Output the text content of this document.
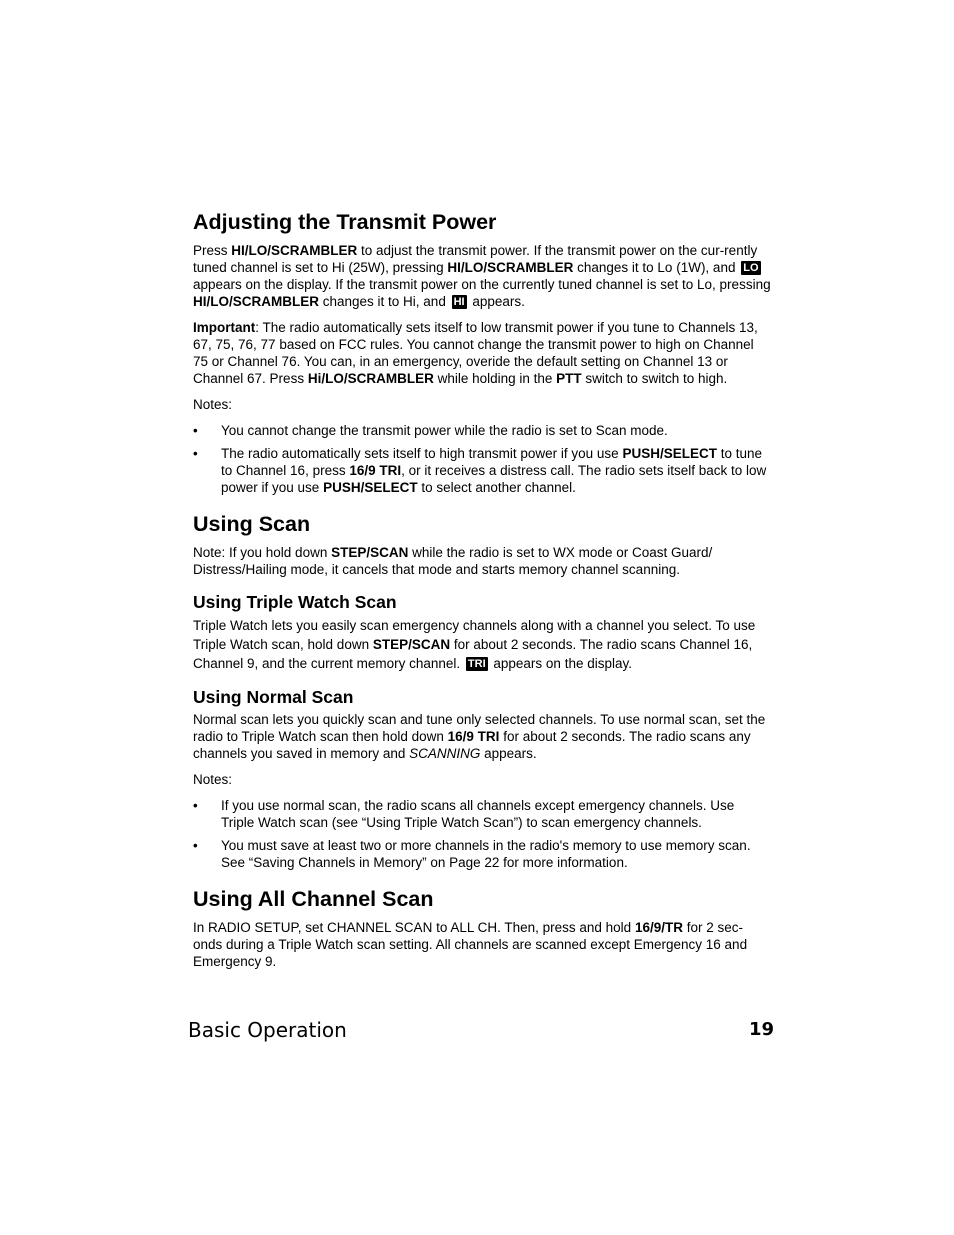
Adjusting the Transmit Power

Press HI/LO/SCRAMBLER to adjust the transmit power. If the transmit power on the cur-rently tuned channel is set to Hi (25W), pressing HI/LO/SCRAMBLER changes it to Lo (1W), and LO appears on the display. If the transmit power on the currently tuned channel is set to Lo, pressing HI/LO/SCRAMBLER changes it to Hi, and HI appears.

Important: The radio automatically sets itself to low transmit power if you tune to Channels 13, 67, 75, 76, 77 based on FCC rules. You cannot change the transmit power to high on Channel 75 or Channel 76. You can, in an emergency, overide the default setting on Channel 13 or Channel 67. Press Hi/LO/SCRAMBLER while holding in the PTT switch to switch to high.

Notes:

• You cannot change the transmit power while the radio is set to Scan mode.
• The radio automatically sets itself to high transmit power if you use PUSH/SELECT to tune to Channel 16, press 16/9 TRI, or it receives a distress call. The radio sets itself back to low power if you use PUSH/SELECT to select another channel.
Using Scan

Note: If you hold down STEP/SCAN while the radio is set to WX mode or Coast Guard/ Distress/Hailing mode, it cancels that mode and starts memory channel scanning.

Using Triple Watch Scan

Triple Watch lets you easily scan emergency channels along with a channel you select. To use Triple Watch scan, hold down STEP/SCAN for about 2 seconds. The radio scans Channel 16, Channel 9, and the current memory channel. TRI appears on the display.

Using Normal Scan

Normal scan lets you quickly scan and tune only selected channels. To use normal scan, set the radio to Triple Watch scan then hold down 16/9 TRI for about 2 seconds. The radio scans any channels you saved in memory and SCANNING appears.

Notes:

• If you use normal scan, the radio scans all channels except emergency channels. Use Triple Watch scan (see “Using Triple Watch Scan”) to scan emergency channels.
• You must save at least two or more channels in the radio's memory to use memory scan. See “Saving Channels in Memory” on Page 22 for more information.
Using All Channel Scan

In RADIO SETUP, set CHANNEL SCAN to ALL CH. Then, press and hold 16/9/TR for 2 sec-onds during a Triple Watch scan setting. All channels are scanned except Emergency 16 and Emergency 9.

Basic Operation	19
